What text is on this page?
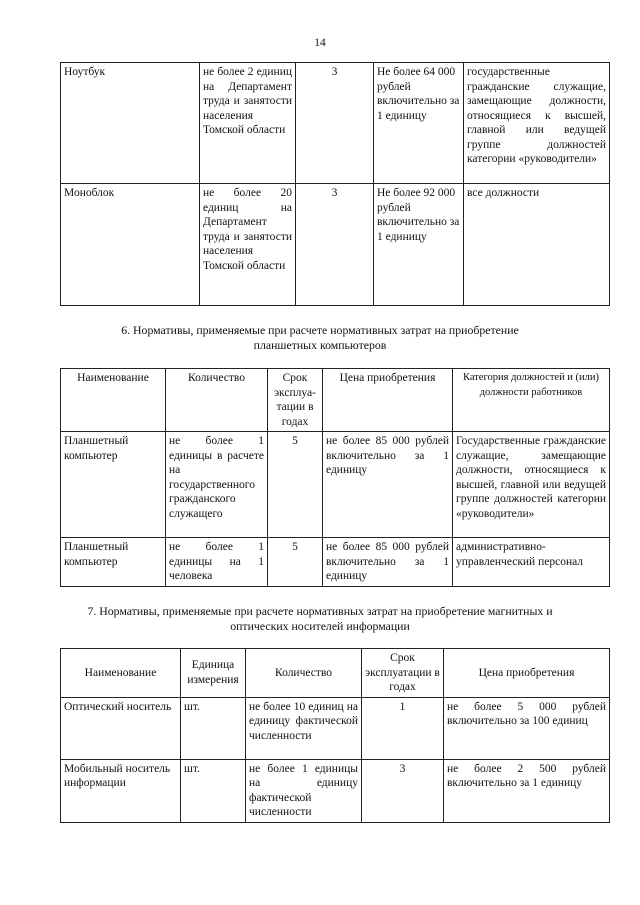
14
Ноутбук	не более 2 единиц на Департамент труда и занятости населения Томской области	3	Не более 64 000 рублей включительно за 1 единицу	государственные гражданские служащие, замещающие должности, относящиеся к высшей, главной или ведущей группе должностей категории «руководители»
Моноблок	не более 20 единиц на Департамент труда и занятости населения Томской области	3	Не более 92 000 рублей включительно за 1 единицу	все должности
6. Нормативы, применяемые при расчете нормативных затрат на приобретение
планшетных компьютеров
Наименование	Количество	Срок эксплуа-тации в годах	Цена приобретения	Категория должностей и (или) должности работников
Планшетный компьютер	не более 1 единицы в расчете на государственного гражданского служащего	5	не более 85 000 рублей включительно за 1 единицу	Государственные гражданские служащие, замещающие должности, относящиеся к высшей, главной или ведущей группе должностей категории «руководители»
Планшетный компьютер	не более 1 единицы на 1 человека	5	не более 85 000 рублей включительно за 1 единицу	административно-управленческий персонал
7. Нормативы, применяемые при расчете нормативных затрат на приобретение магнитных и
оптических носителей информации
Наименование	Единица измерения	Количество	Срок эксплуатации в годах	Цена приобретения
Оптический носитель	шт.	не более 10 единиц на единицу фактической численности	1	не более 5 000 рублей включительно за 100 единиц
Мобильный носитель информации	шт.	не более 1 единицы на единицу фактической численности	3	не более 2 500 рублей включительно за 1 единицу
